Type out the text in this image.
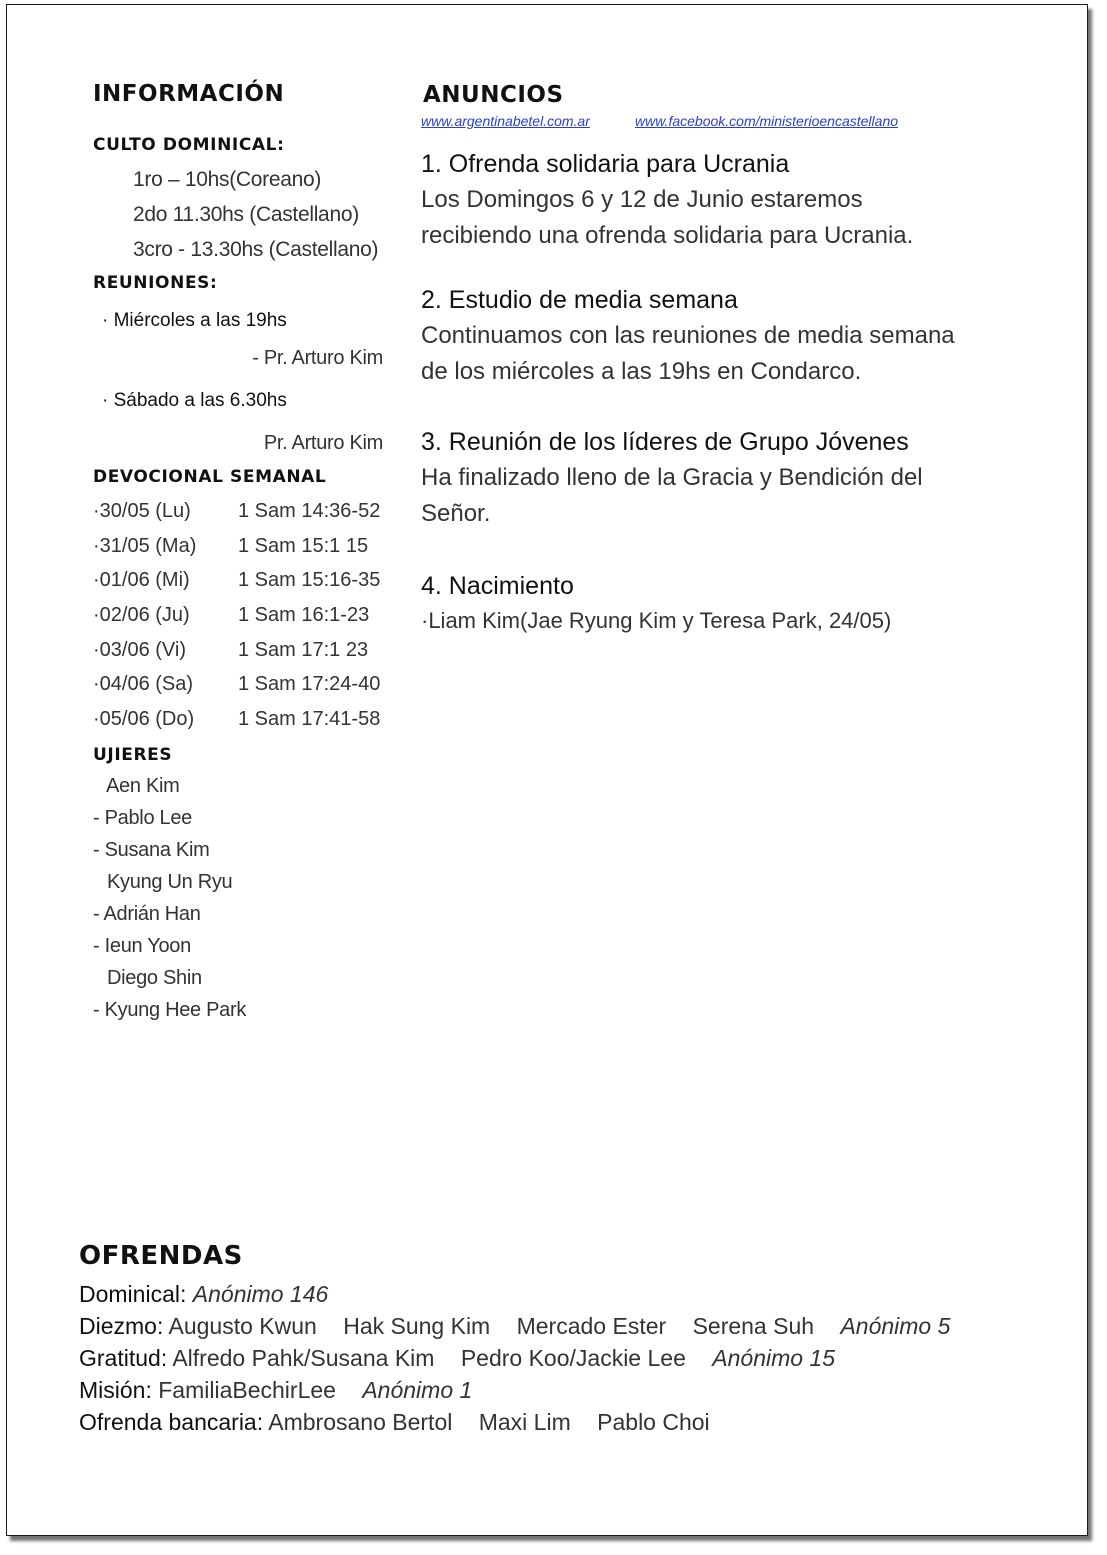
INFORMACIÓN
CULTO DOMINICAL:
1ro – 10hs(Coreano)
2do 11.30hs (Castellano)
3cro - 13.30hs (Castellano)
REUNIONES:
· Miércoles a las 19hs
- Pr. Arturo Kim
· Sábado a las 6.30hs
Pr. Arturo Kim
DEVOCIONAL SEMANAL
·30/05 (Lu) 1 Sam 14:36-52
·31/05 (Ma) 1 Sam 15:1 15
·01/06 (Mi) 1 Sam 15:16-35
·02/06 (Ju) 1 Sam 16:1-23
·03/06 (Vi)	1 Sam 17:1 23
·04/06 (Sa) 1 Sam 17:24-40
·05/06 (Do) 1 Sam 17:41-58
UJIERES
Aen Kim
- Pablo Lee
- Susana Kim
Kyung Un Ryu
- Adrián Han
- Ieun Yoon
Diego Shin
- Kyung Hee Park
ANUNCIOS
www.argentinabetel.com.ar	www.facebook.com/ministerioencastellano
1. Ofrenda solidaria para Ucrania
Los Domingos 6 y 12 de Junio estaremos
recibiendo una ofrenda solidaria para Ucrania.
2. Estudio de media semana
Continuamos con las reuniones de media semana
de los miércoles a las 19hs en Condarco.
3. Reunión de los líderes de Grupo Jóvenes
Ha finalizado lleno de la Gracia y Bendición del
Señor.
4. Nacimiento
·Liam Kim(Jae Ryung Kim y Teresa Park, 24/05)
OFRENDAS
Dominical: Anónimo 146
Diezmo: Augusto Kwun Hak Sung Kim Mercado Ester Serena Suh Anónimo 5
Gratitud: Alfredo Pahk/Susana Kim Pedro Koo/Jackie Lee Anónimo 15
Misión: FamiliaBechirLee Anónimo 1
Ofrenda bancaria: Ambrosano Bertol Maxi Lim Pablo Choi
